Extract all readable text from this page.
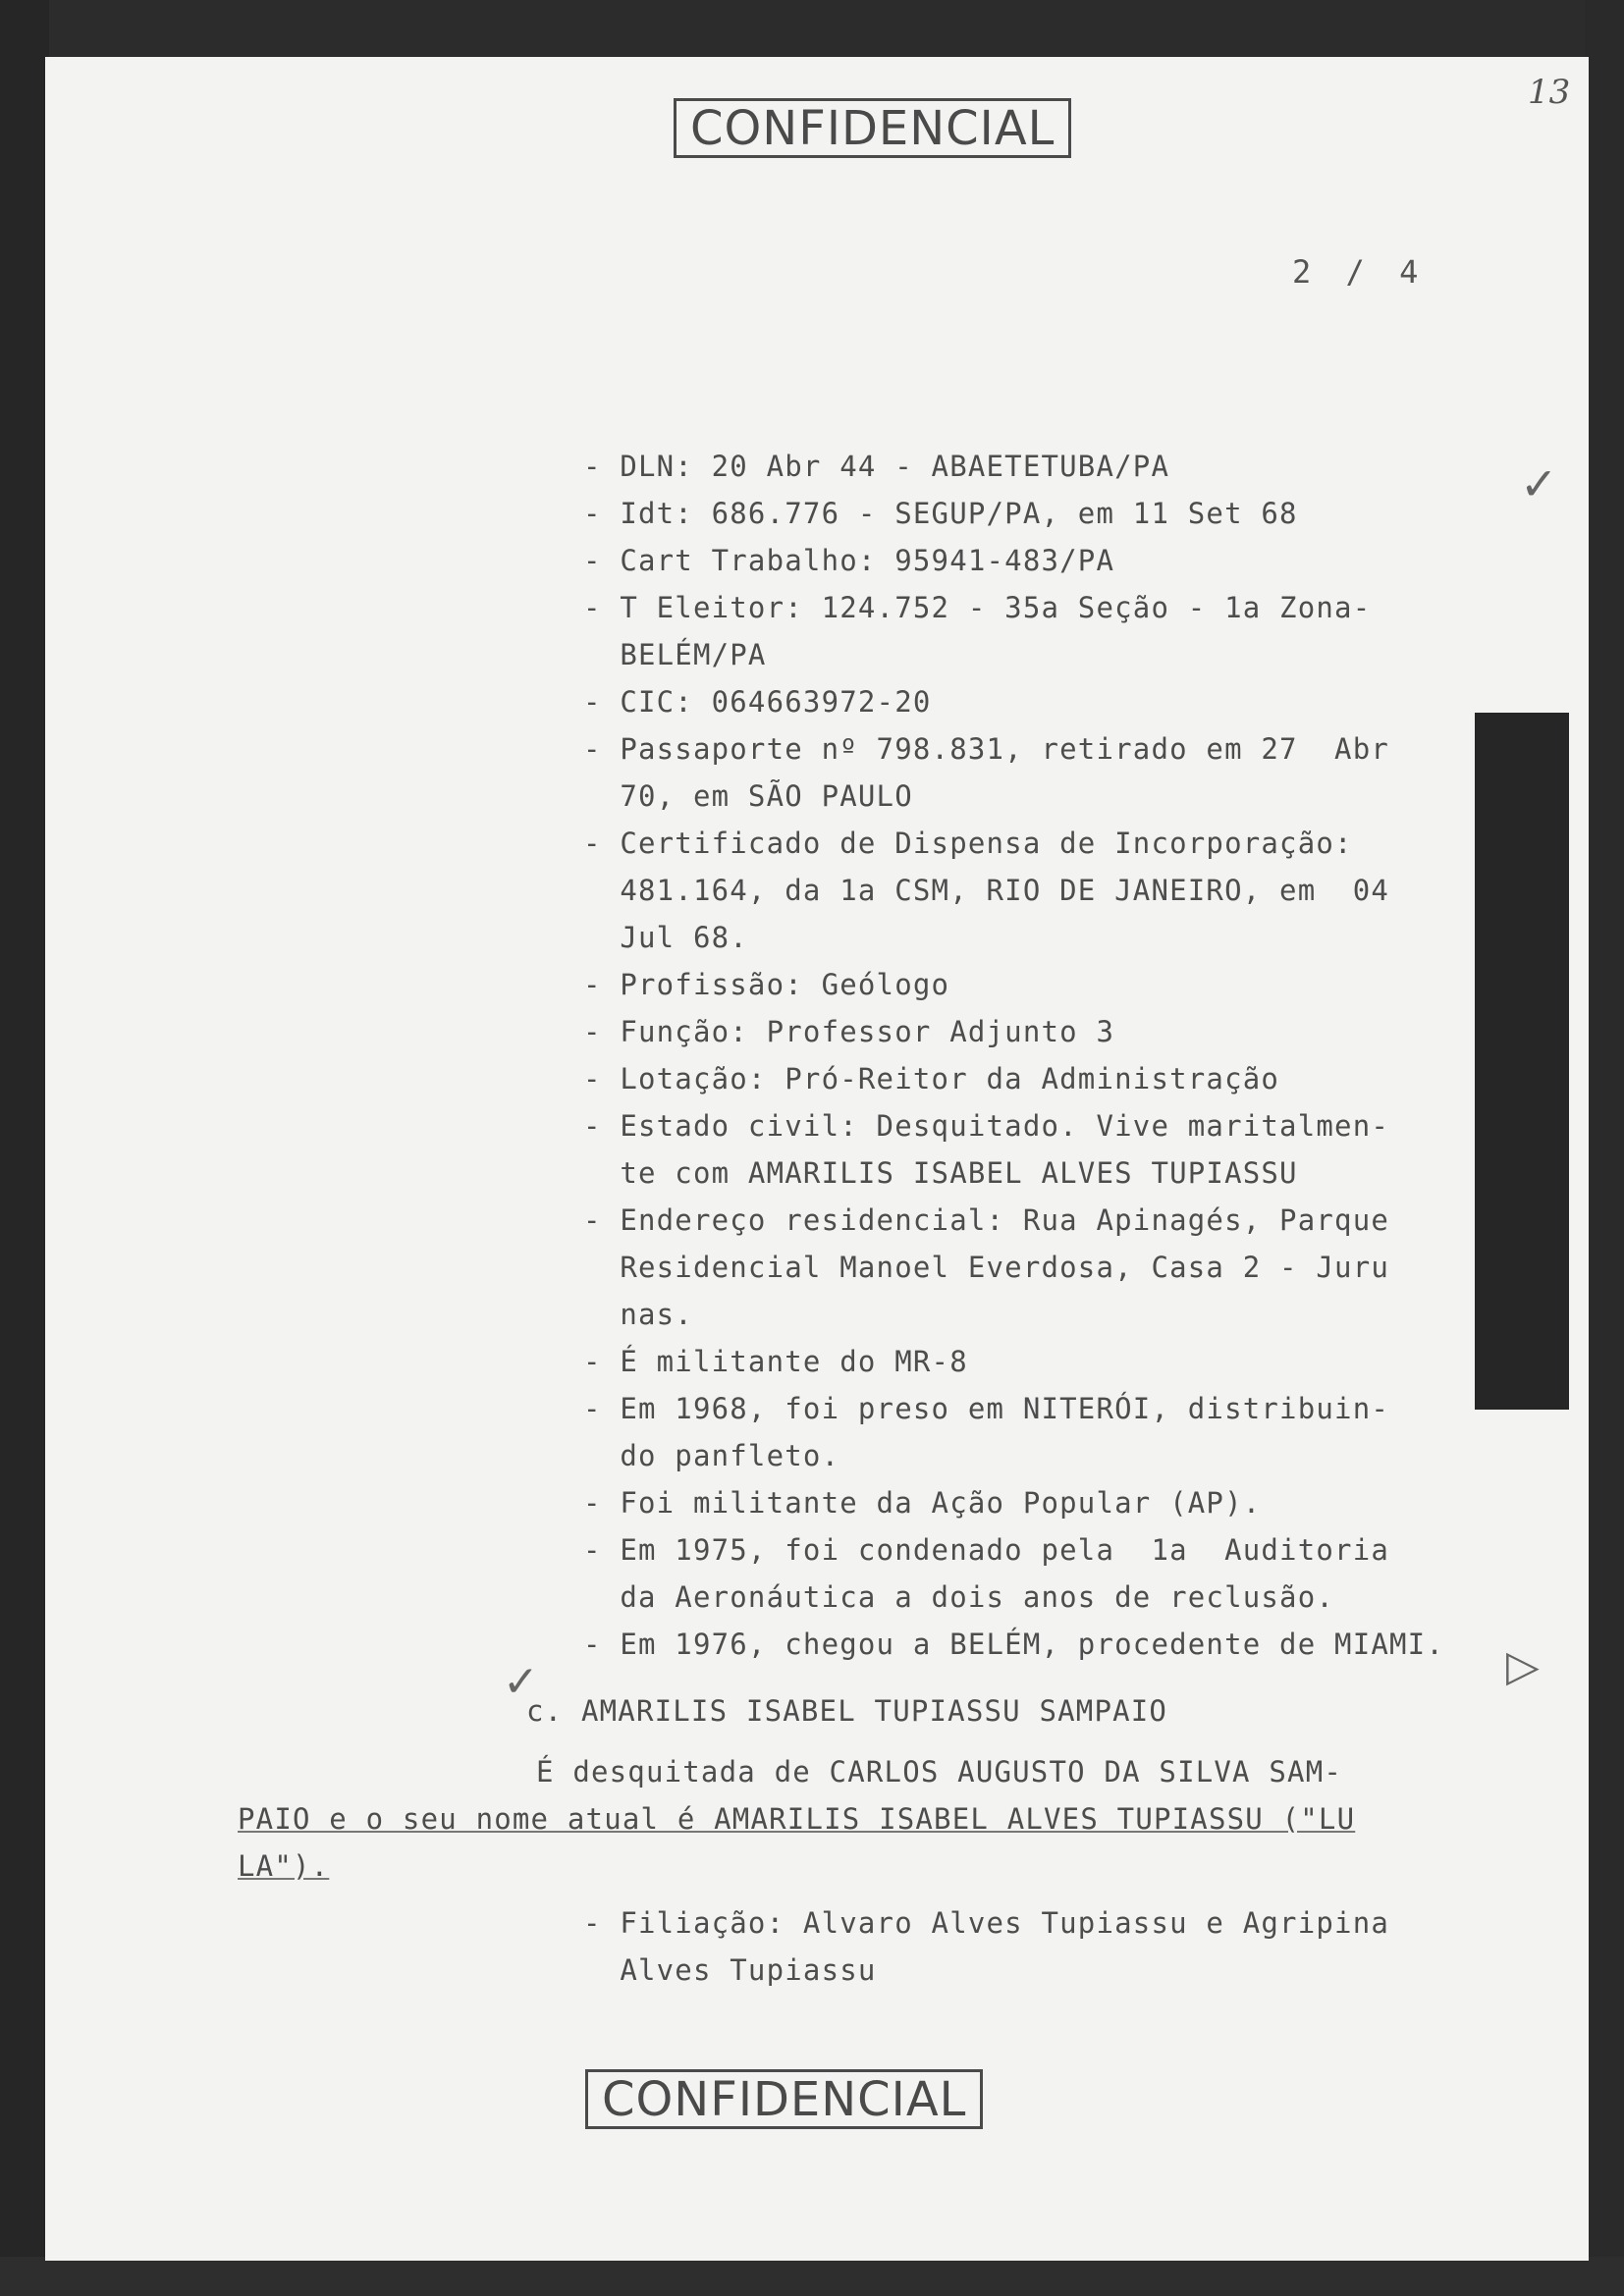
CONFIDENCIAL
13
2 / 4
- DLN: 20 Abr 44 - ABAETETUBA/PA
- Idt: 686.776 - SEGUP/PA, em 11 Set 68
- Cart Trabalho: 95941-483/PA
- T Eleitor: 124.752 - 35a Seção - 1a Zona-
BELÉM/PA
- CIC: 064663972-20
- Passaporte nº 798.831, retirado em 27  Abr
70, em SÃO PAULO
- Certificado de Dispensa de Incorporação:
481.164, da 1a CSM, RIO DE JANEIRO, em  04
Jul 68.
- Profissão: Geólogo
- Função: Professor Adjunto 3
- Lotação: Pró-Reitor da Administração
- Estado civil: Desquitado. Vive maritalmen-
te com AMARILIS ISABEL ALVES TUPIASSU
- Endereço residencial: Rua Apinagés, Parque
Residencial Manoel Everdosa, Casa 2 - Juru
nas.
- É militante do MR-8
- Em 1968, foi preso em NITERÓI, distribuin-
do panfleto.
- Foi militante da Ação Popular (AP).
- Em 1975, foi condenado pela  1a  Auditoria
da Aeronáutica a dois anos de reclusão.
- Em 1976, chegou a BELÉM, procedente de MIAMI.
✓
✓	▷
c. AMARILIS ISABEL TUPIASSU SAMPAIO
É desquitada de CARLOS AUGUSTO DA SILVA SAM-
PAIO e o seu nome atual é AMARILIS ISABEL ALVES TUPIASSU ("LU
LA").
- Filiação: Alvaro Alves Tupiassu e Agripina
Alves Tupiassu
CONFIDENCIAL
